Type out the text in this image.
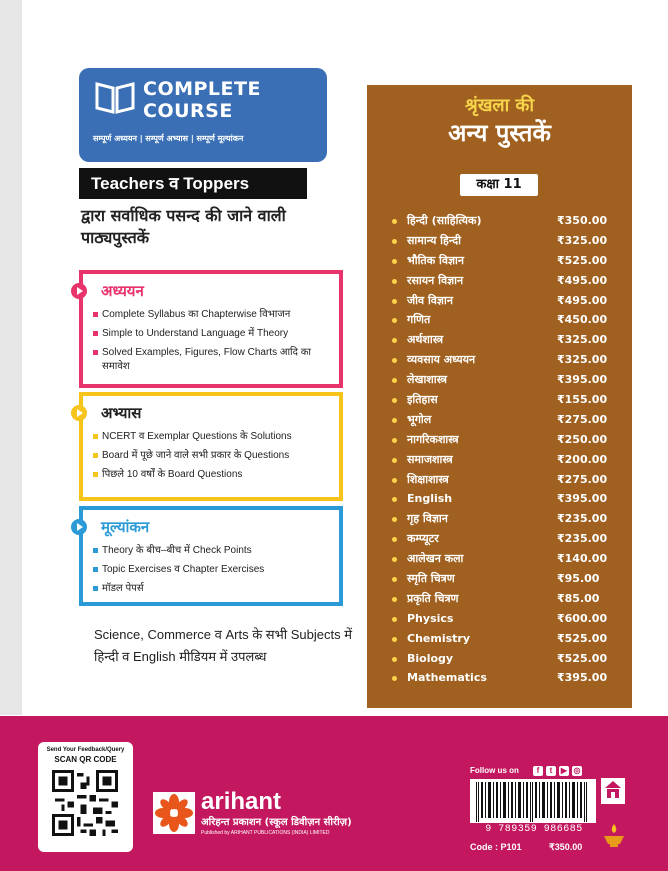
COMPLETE
COURSE
सम्पूर्ण अध्ययन | सम्पूर्ण अभ्यास | सम्पूर्ण मूल्यांकन
Teachers व Toppers
द्वारा सर्वाधिक पसन्द की जाने वाली पाठ्यपुस्तकें
अध्ययन
Complete Syllabus का Chapterwise विभाजन
Simple to Understand Language में Theory
Solved Examples, Figures, Flow Charts आदि का समावेश
अभ्यास
NCERT व Exemplar Questions के Solutions
Board में पूछे जाने वाले सभी प्रकार के Questions
पिछले 10 वर्षों के Board Questions
मूल्यांकन
Theory के बीच–बीच में Check Points
Topic Exercises व Chapter Exercises
मॉडल पेपर्स
Science, Commerce व Arts के सभी Subjects में हिन्दी व English मीडियम में उपलब्ध
श्रृंखला की
अन्य पुस्तकें
कक्षा 11
हिन्दी (साहित्यिक)	₹350.00
सामान्य हिन्दी	₹325.00
भौतिक विज्ञान	₹525.00
रसायन विज्ञान	₹495.00
जीव विज्ञान	₹495.00
गणित	₹450.00
अर्थशास्त्र	₹325.00
व्यवसाय अध्ययन	₹325.00
लेखाशास्त्र	₹395.00
इतिहास	₹155.00
भूगोल	₹275.00
नागरिकशास्त्र	₹250.00
समाजशास्त्र	₹200.00
शिक्षाशास्त्र	₹275.00
English	₹395.00
गृह विज्ञान	₹235.00
कम्प्यूटर	₹235.00
आलेखन कला	₹140.00
स्मृति चित्रण	₹95.00
प्रकृति चित्रण	₹85.00
Physics	₹600.00
Chemistry	₹525.00
Biology	₹525.00
Mathematics	₹395.00
Send Your Feedback/Query
SCAN QR CODE
arihant
अरिहन्त प्रकाशन (स्कूल डिवीज़न सीरीज़)
Published by ARIHANT PUBLICATIONS (INDIA) LIMITED
Follow us on	f	t	▶ ◎
9 789359 986685
Code : P101	₹350.00
